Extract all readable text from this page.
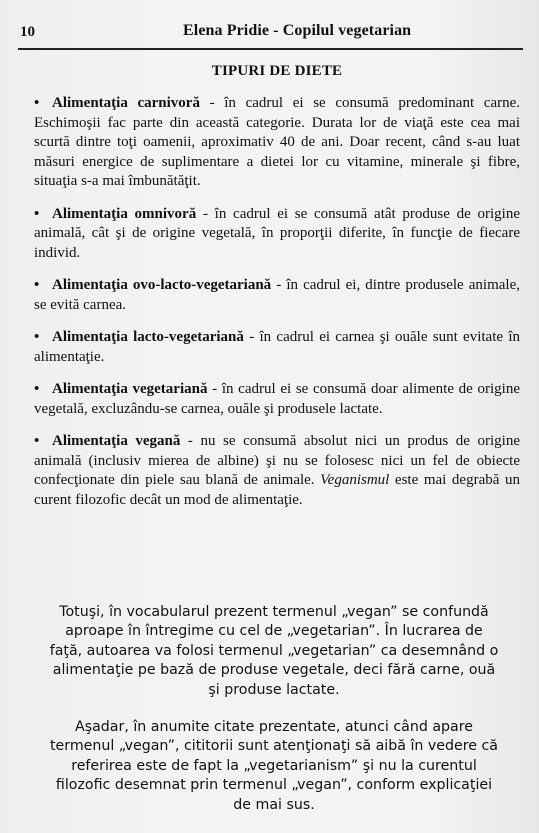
10	Elena Pridie - Copilul vegetarian
TIPURI DE DIETE
• Alimentaţia carnivoră - în cadrul ei se consumă predominant carne. Eschimoşii fac parte din această categorie. Durata lor de viaţă este cea mai scurtă dintre toţi oamenii, aproximativ 40 de ani. Doar recent, când s-au luat măsuri energice de suplimentare a dietei lor cu vitamine, minerale şi fibre, situaţia s-a mai îmbunătăţit.
• Alimentaţia omnivoră - în cadrul ei se consumă atât produse de origine animală, cât şi de origine vegetală, în proporţii diferite, în funcţie de fiecare individ.
• Alimentaţia ovo-lacto-vegetariană - în cadrul ei, dintre produsele animale, se evită carnea.
• Alimentaţia lacto-vegetariană - în cadrul ei carnea şi ouăle sunt evitate în alimentaţie.
• Alimentaţia vegetariană - în cadrul ei se consumă doar alimente de origine vegetală, excluzându-se carnea, ouăle şi produsele lactate.
• Alimentaţia vegană - nu se consumă absolut nici un produs de origine animală (inclusiv mierea de albine) şi nu se folosesc nici un fel de obiecte confecţionate din piele sau blană de animale. Veganismul este mai degrabă un curent filozofic decât un mod de alimentaţie.
Totuşi, în vocabularul prezent termenul „vegan” se confundă aproape în întregime cu cel de „vegetarian”. În lucrarea de faţă, autoarea va folosi termenul „vegetarian” ca desemnând o alimentaţie pe bază de produse vegetale, deci fără carne, ouă şi produse lactate.
Aşadar, în anumite citate prezentate, atunci când apare termenul „vegan”, cititorii sunt atenţionaţi să aibă în vedere că referirea este de fapt la „vegetarianism” şi nu la curentul filozofic desemnat prin termenul „vegan”, conform explicaţiei de mai sus.
